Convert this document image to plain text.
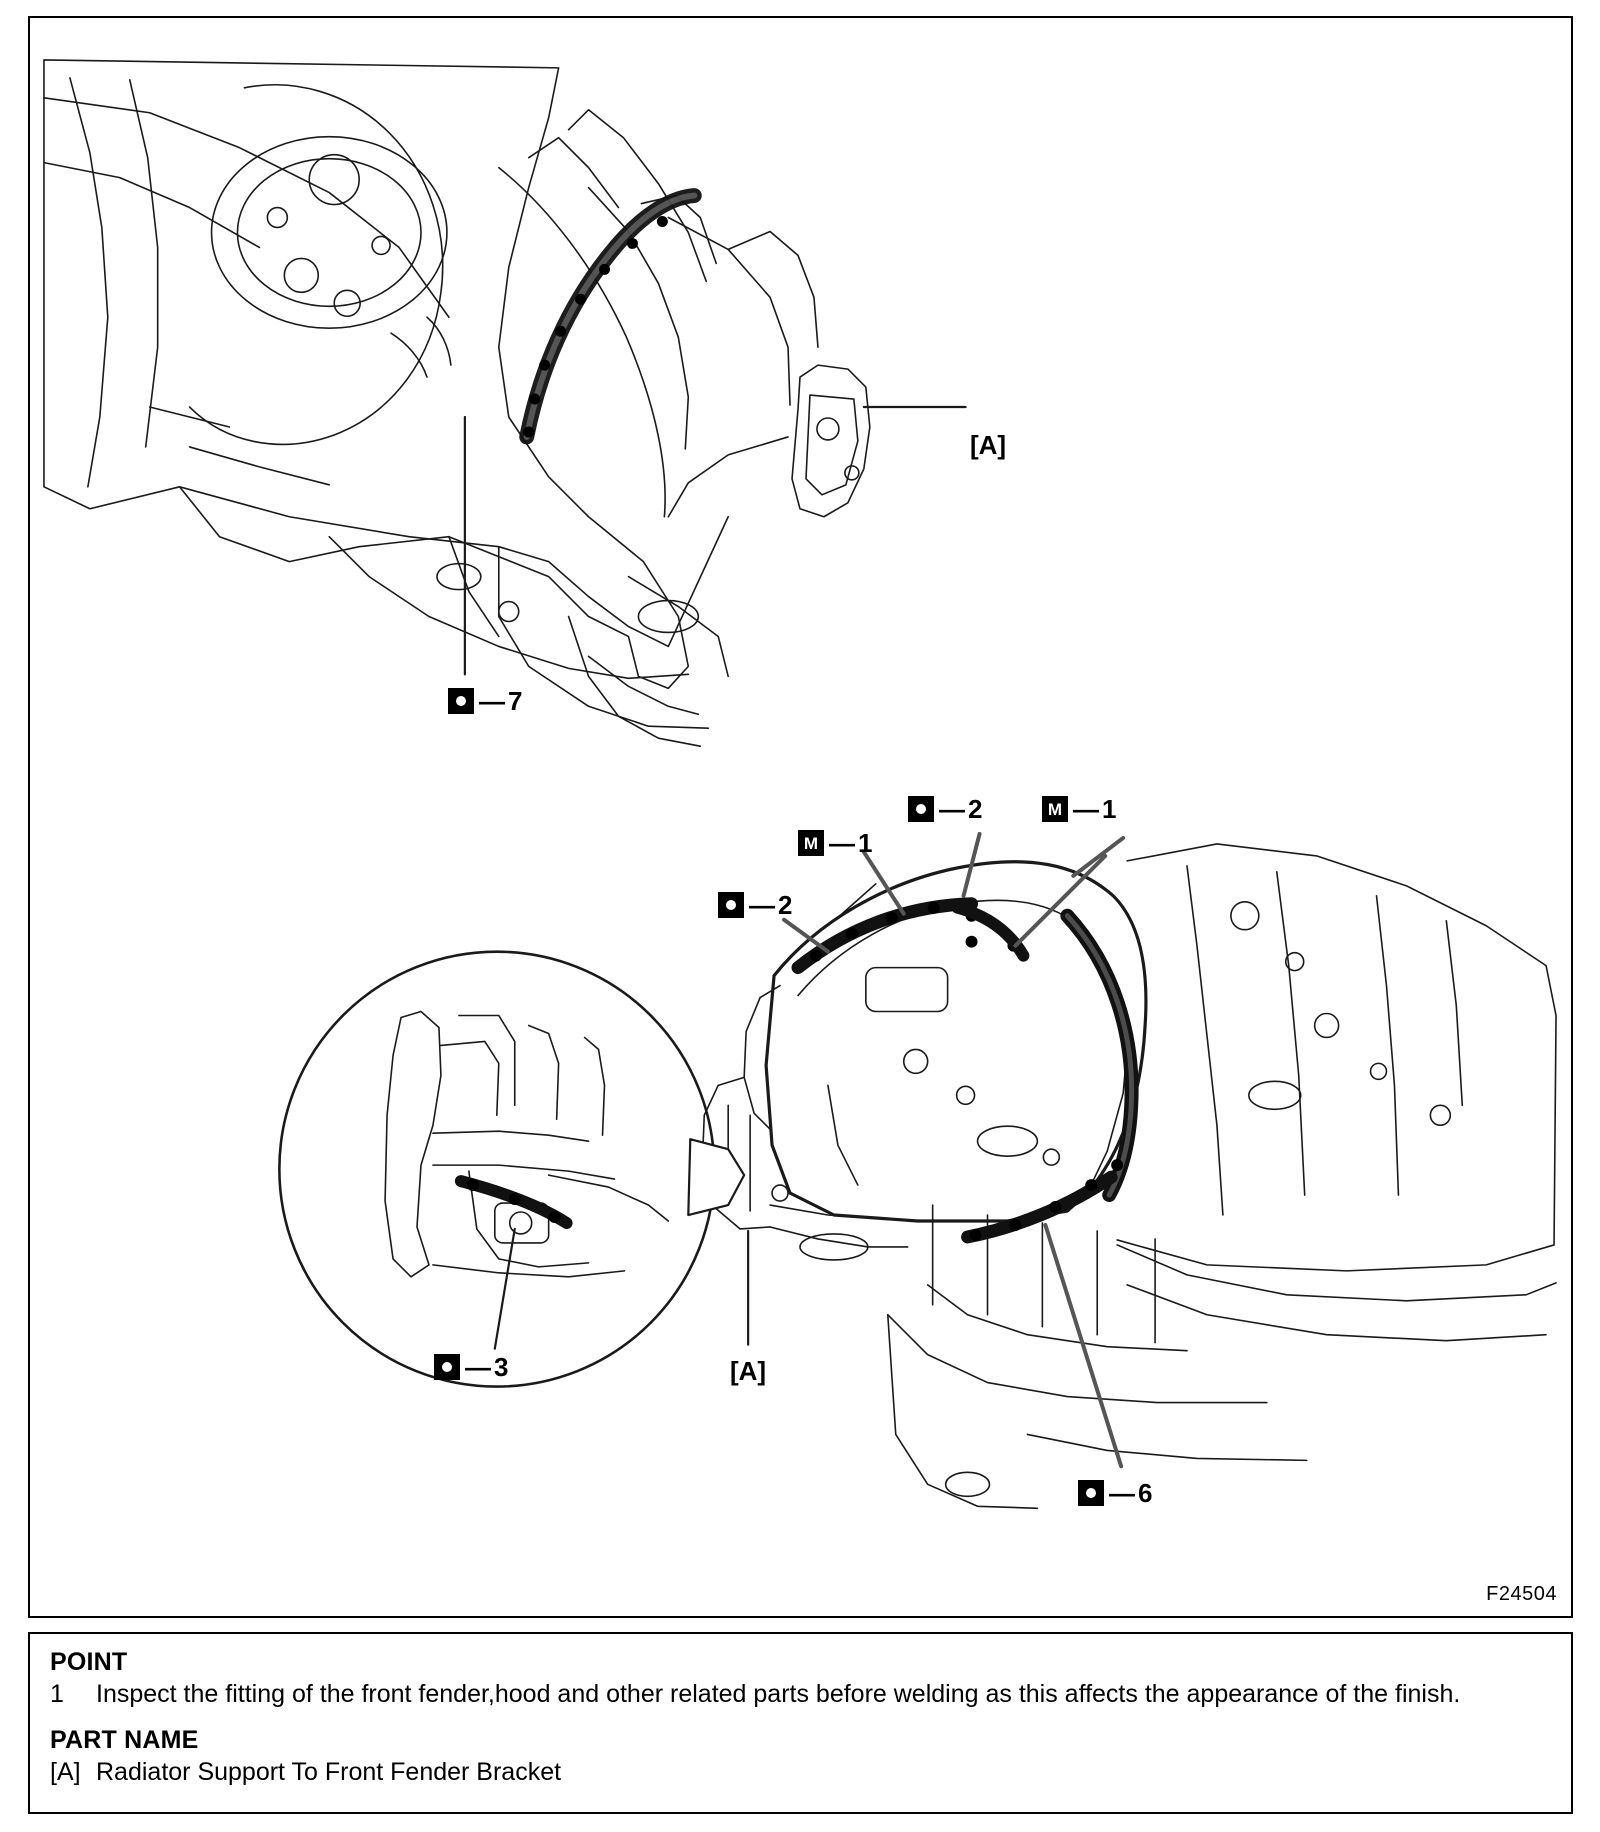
— 7
— 2	M — 1
M — 1
— 2
— 3
— 6
[A]
[A]
F24504
POINT
1	Inspect the fitting of the front fender,hood and other related parts before welding as this affects the appearance of the finish.
PART NAME
[A] Radiator Support To Front Fender Bracket
